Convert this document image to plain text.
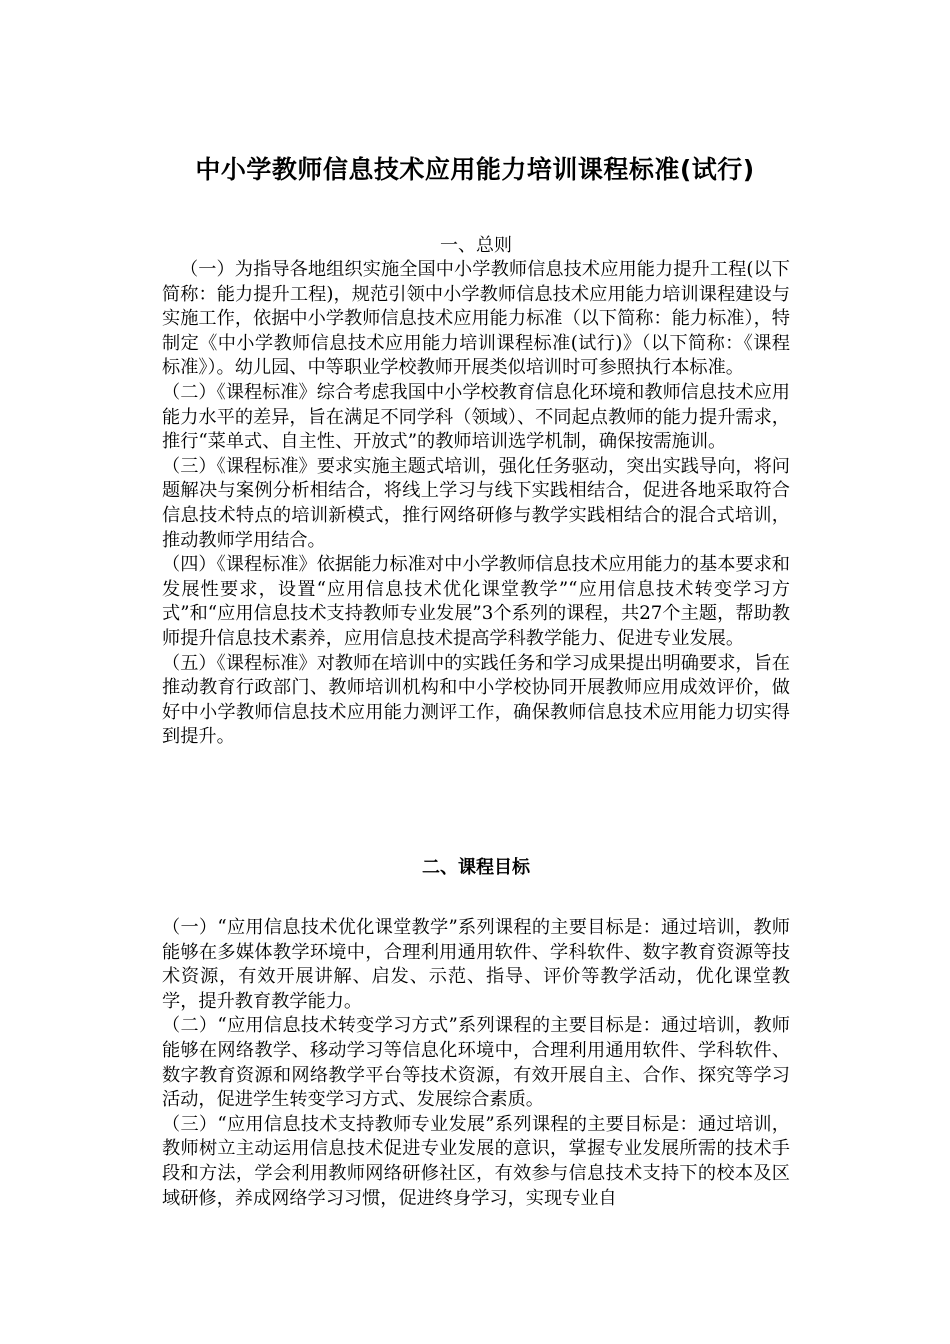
中小学教师信息技术应用能力培训课程标准(试行)
一、总则

（一）为指导各地组织实施全国中小学教师信息技术应用能力提升工程(以下简称：能力提升工程)，规范引领中小学教师信息技术应用能力培训课程建设与实施工作，依据中小学教师信息技术应用能力标准（以下简称：能力标准），特制定《中小学教师信息技术应用能力培训课程标准(试行)》（以下简称：《课程标准》）。幼儿园、中等职业学校教师开展类似培训时可参照执行本标准。

（二）《课程标准》综合考虑我国中小学校教育信息化环境和教师信息技术应用能力水平的差异，旨在满足不同学科（领域）、不同起点教师的能力提升需求，推行“菜单式、自主性、开放式”的教师培训选学机制，确保按需施训。

（三）《课程标准》要求实施主题式培训，强化任务驱动，突出实践导向，将问题解决与案例分析相结合，将线上学习与线下实践相结合，促进各地采取符合信息技术特点的培训新模式，推行网络研修与教学实践相结合的混合式培训，推动教师学用结合。

（四）《课程标准》依据能力标准对中小学教师信息技术应用能力的基本要求和发展性要求，设置“应用信息技术优化课堂教学”“应用信息技术转变学习方式”和“应用信息技术支持教师专业发展”3个系列的课程，共27个主题，帮助教师提升信息技术素养，应用信息技术提高学科教学能力、促进专业发展。

（五）《课程标准》对教师在培训中的实践任务和学习成果提出明确要求，旨在推动教育行政部门、教师培训机构和中小学校协同开展教师应用成效评价，做好中小学教师信息技术应用能力测评工作，确保教师信息技术应用能力切实得到提升。

二、课程目标

（一）“应用信息技术优化课堂教学”系列课程的主要目标是：通过培训，教师能够在多媒体教学环境中，合理利用通用软件、学科软件、数字教育资源等技术资源，有效开展讲解、启发、示范、指导、评价等教学活动，优化课堂教学，提升教育教学能力。

（二）“应用信息技术转变学习方式”系列课程的主要目标是：通过培训，教师能够在网络教学、移动学习等信息化环境中，合理利用通用软件、学科软件、数字教育资源和网络教学平台等技术资源，有效开展自主、合作、探究等学习活动，促进学生转变学习方式、发展综合素质。

（三）“应用信息技术支持教师专业发展”系列课程的主要目标是：通过培训，教师树立主动运用信息技术促进专业发展的意识，掌握专业发展所需的技术手段和方法，学会利用教师网络研修社区，有效参与信息技术支持下的校本及区域研修，养成网络学习习惯，促进终身学习，实现专业自
